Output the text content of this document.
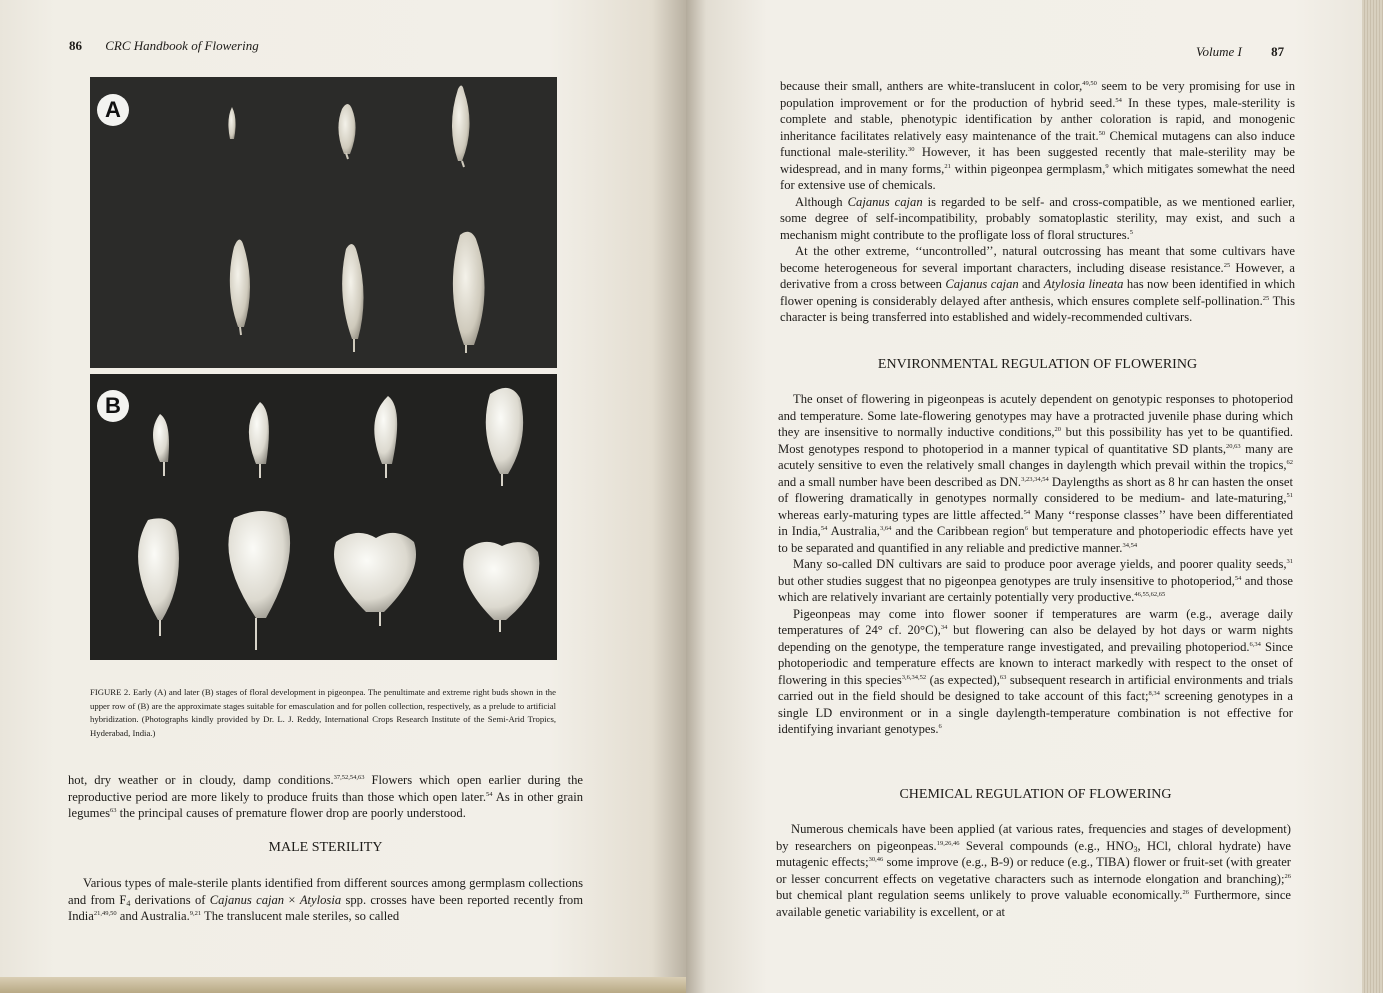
86 CRC Handbook of Flowering
A
B
FIGURE 2. Early (A) and later (B) stages of floral development in pigeonpea. The penultimate and extreme right buds shown in the upper row of (B) are the approximate stages suitable for emasculation and for pollen collection, respectively, as a prelude to artificial hybridization. (Photographs kindly provided by Dr. L. J. Reddy, International Crops Research Institute of the Semi-Arid Tropics, Hyderabad, India.)

hot, dry weather or in cloudy, damp conditions.$^{37,52,54,63}$ Flowers which open earlier during the reproductive period are more likely to produce fruits than those which open later.$^{54}$ As in other grain legumes$^{63}$ the principal causes of premature flower drop are poorly understood.

MALE STERILITY

Various types of male-sterile plants identified from different sources among germplasm collections and from $F_4$ derivations of Cajanus cajan × Atylosia spp. crosses have been reported recently from India$^{21,49,50}$ and Australia.$^{9,21}$ The translucent male steriles, so called

Volume I 87

because their small, anthers are white-translucent in color,$^{49,50}$ seem to be very promising for use in population improvement or for the production of hybrid seed.$^{54}$ In these types, male-sterility is complete and stable, phenotypic identification by anther coloration is rapid, and monogenic inheritance facilitates relatively easy maintenance of the trait.$^{50}$ Chemical mutagens can also induce functional male-sterility.$^{30}$ However, it has been suggested recently that male-sterility may be widespread, and in many forms,$^{21}$ within pigeonpea germplasm,$^9$ which mitigates somewhat the need for extensive use of chemicals.

Although Cajanus cajan is regarded to be self- and cross-compatible, as we mentioned earlier, some degree of self-incompatibility, probably somatoplastic sterility, may exist, and such a mechanism might contribute to the profligate loss of floral structures.$^5$

At the other extreme, ‘‘uncontrolled’’, natural outcrossing has meant that some cultivars have become heterogeneous for several important characters, including disease resistance.$^{25}$ However, a derivative from a cross between Cajanus cajan and Atylosia lineata has now been identified in which flower opening is considerably delayed after anthesis, which ensures complete self-pollination.$^{25}$ This character is being transferred into established and widely-recommended cultivars.

ENVIRONMENTAL REGULATION OF FLOWERING

The onset of flowering in pigeonpeas is acutely dependent on genotypic responses to photoperiod and temperature. Some late-flowering genotypes may have a protracted juvenile phase during which they are insensitive to normally inductive conditions,$^{20}$ but this possibility has yet to be quantified. Most genotypes respond to photoperiod in a manner typical of quantitative SD plants,$^{20,63}$ many are acutely sensitive to even the relatively small changes in daylength which prevail within the tropics,$^{62}$ and a small number have been described as DN.$^{3,23,34,54}$ Daylengths as short as 8 hr can hasten the onset of flowering dramatically in genotypes normally considered to be medium- and late-maturing,$^{51}$ whereas early-maturing types are little affected.$^{54}$ Many ‘‘response classes’’ have been differentiated in India,$^{54}$ Australia,$^{3,64}$ and the Caribbean region$^6$ but temperature and photoperiodic effects have yet to be separated and quantified in any reliable and predictive manner.$^{34,54}$

Many so-called DN cultivars are said to produce poor average yields, and poorer quality seeds,$^{31}$ but other studies suggest that no pigeonpea genotypes are truly insensitive to photoperiod,$^{54}$ and those which are relatively invariant are certainly potentially very productive.$^{46,55,62,65}$

Pigeonpeas may come into flower sooner if temperatures are warm (e.g., average daily temperatures of 24° cf. 20°C),$^{34}$ but flowering can also be delayed by hot days or warm nights depending on the genotype, the temperature range investigated, and prevailing photoperiod.$^{6,34}$ Since photoperiodic and temperature effects are known to interact markedly with respect to the onset of flowering in this species$^{3,6,34,52}$ (as expected),$^{63}$ subsequent research in artificial environments and trials carried out in the field should be designed to take account of this fact;$^{8,34}$ screening genotypes in a single LD environment or in a single daylength-temperature combination is not effective for identifying invariant genotypes.$^6$

CHEMICAL REGULATION OF FLOWERING

Numerous chemicals have been applied (at various rates, frequencies and stages of development) by researchers on pigeonpeas.$^{19,26,46}$ Several compounds (e.g., $HNO_3$, HCl, chloral hydrate) have mutagenic effects;$^{30,46}$ some improve (e.g., B-9) or reduce (e.g., TIBA) flower or fruit-set (with greater or lesser concurrent effects on vegetative characters such as internode elongation and branching);$^{26}$ but chemical plant regulation seems unlikely to prove valuable economically.$^{26}$ Furthermore, since available genetic variability is excellent, or at
